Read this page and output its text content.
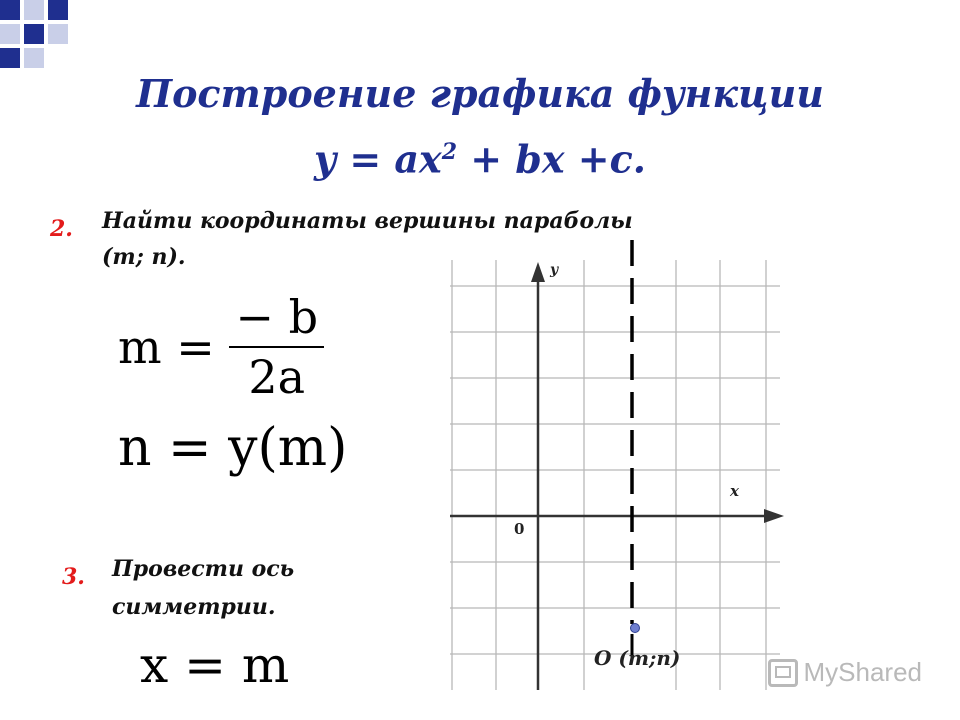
Построение графика функции
$y = ax^2$ + bx +c.
2. Найти координаты вершины параболы
(m; n).
$m = \frac{- b}{2a}$
n = y(m)
3. Провести ось
симметрии.
x = m
y
x
0
O (m;n)	MyShared
